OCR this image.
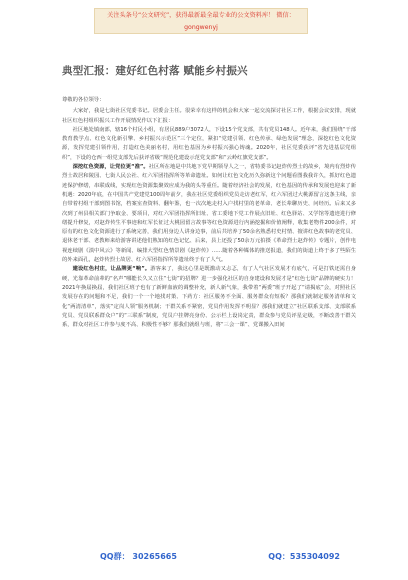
关注头条号“公文研究”，获得最新最全最专业的公文资料库！ 微信：gongwenyj
典型汇报：建好红色村落 赋能乡村振兴

尊敬的各位领导：

大家好，我是七街社区党委书记。居委会主任。很荣幸有这样的机会和大家一起交流探讨社区工作，根据会议安排，现就社区红色村组织振兴工作开展情况作以下汇报：

社区地处镇南部，辖16个村民小组，有居民889户3072人，下设15个党支部，共有党员148人。近年来，我们围绕“干部教育教学点、红色文化新引擎、乡村振兴示范区”三个定位，紧扣“党建引领、红色传承、绿色发展”理念，深挖红色文化资源，发挥党建引领作用，打造红色美丽名村，用红色基因为乡村振兴强心铸魂。2020年，社区党委获评“省先进基层党组织”，下设的仓西一组党支部先后获评省级“规范化建设示范党支部”和“云岭红旗党支部”。

深挖红色资源，让党位更“准”。社区所在地是中共地下党早期领导人之一，省特委书记赵炸传烈士的故乡，境内有烈炸传烈士故居和陵园、七街人民公社、红六军团指挥所等革命遗址。如何让红色文化历久弥新这个问题看图我我许久，抓好红色遗迹保护修缮，串联成线，实现红色资源集聚效应成为我的头等重任。随着经济社会的发展，红色基因的传承和发展也迎来了新机遇：2020年底，在中国共产党建党100周年前夕，我在社区党委组织党员走访老红军，红六军团过大桃源留言这条主线，亲自带着村组干部到图书馆，档案室查资料、翻年鉴，也一次次地走村入户找村里的老革命、老长辈聊历史、问经历。后来又多次到了州县相关部门争取金、要项目，对红六军团指挥所旧址、省工委地下党工作展点旧址、红色驿站、又学馆等遗迹进行修缮提升修复，对赵炸传生平事迹和红军长征过大桃园留言故事等红色资源进行内涵挖掘和价值阐释，收集老物件200余件，对原有的红色文化资源进行了系统完善，我们用身边人讲身边事，前后共培养了50余名熟悉村史村情、擅讲红色故事的老党员、退休老干部、老教师来给游客讲述他们熟知的红色记忆、后来，县上还投了50余万元拍摄《革命烈士赵炸传》专题片，创作电视连续剧《滇中风云》等新闻、编排大型红色情景剧《赵炸传》……随着各种媒体的推送报道，我们的街道上终于多了些陌生的外来面孔，赵炸传烈士故居、红六军团指挥所等遗址终于有了人气。

建设红色村庄，让品牌更“响”。游客来了，我这心里是既激动又忐忑，有了人气社区发展才有底气，可是打铁还需自身硬，光靠革命前辈的“名声”哪能长久又立住“七街”的招牌？进一步强化社区的自身建设和发展才是“红色七街”品牌的硬实力！2021年换届换届，我们社区班子也有了新鲜血液的调整补充，新人新气象，我带着“两委”班子开起了“请揭底”会，对照社区发展存在的问题和不足，我们一个一个地找对策、下药方：社区服务不全面、服务群众有短板？那我们就制定服务清单和文化“两清清单”，落实“定岗人领”服务机制；干群关系不紧密，党员作用发挥不明显？那我们就建立“社区联系支部、支部联系党员、党员联系群众户”的“三联系”制度，党员户挂牌亮身份、公示栏上设岗定责，群众参与党员评星定级，不断改善干群关系，群众对社区工作参与度不高、积极性不够？那我们就组与班，将“三会一课”、党课搬入田间

QQ群： 30265665	QQ：535304092
